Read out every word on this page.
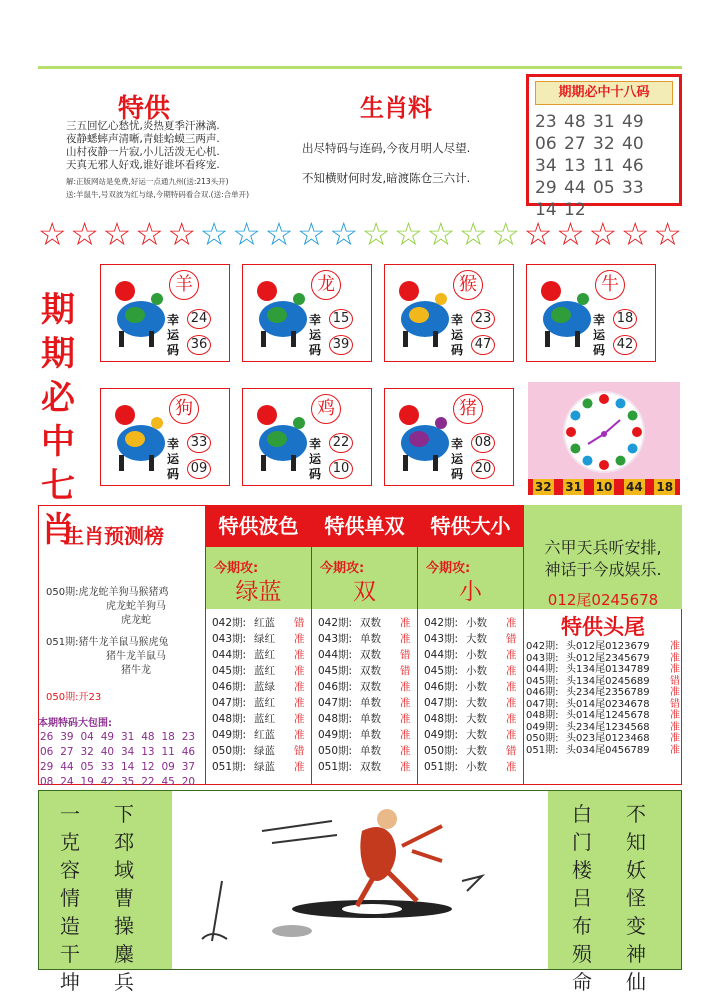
特供
三五回忆心愁忧,炎热夏季汗淋漓.
夜静蟋蟀声清晰,青蛙蛤蟆三两声.
山村夜静一片寂,小儿活泼无心机.
天真无邪人好戏,谁好谁坏看疼宠.
解:正版网站是免费,好运一点通九州(送:213头开)
送:羊鼠牛,号双波为红与绿,今期特码看合双.(送:合单开)
生肖料
出尽特码与连码,今夜月明人尽望.
不知横财何时发,暗渡陈仓三六计.
期期必中十八码
23 48 31 49
06 27 32 40
34 13 11 46
29 44 05 33
14 12
☆ ☆ ☆ ☆ ☆ ☆ ☆ ☆ ☆ ☆ ☆ ☆ ☆ ☆ ☆ ☆ ☆ ☆ ☆ ☆
期
期
必
中
七
肖
羊
幸
运
码
24
36
龙
幸
运
码
15
39
猴
幸
运
码
23
47
牛
幸
运
码
18
42
狗
幸
运
码
33
09
鸡
幸
运
码
22
10
猪
幸
运
码
08
20
32 31 10 44 18
生肖预测榜
050期:虎龙蛇羊狗马猴猪鸡
虎龙蛇羊狗马
虎龙蛇
051期:猪牛龙羊鼠马猴虎兔
猪牛龙羊鼠马
猪牛龙
050期:开23
本期特码大包围:
26 39 04 49 31 48 18 23
06 27 32 40 34 13 11 46
29 44 05 33 14 12 09 37
08 24 19 42 35 22 45 20
特供波色
今期攻:
绿蓝
042期: 红蓝	错
043期: 绿红	准
044期: 蓝红	准
045期: 蓝红	准
046期: 蓝绿	准
047期: 蓝红	准
048期: 蓝红	准
049期: 红蓝	准
050期: 绿蓝	错
051期: 绿蓝	准
特供单双
今期攻:
双
042期: 双数	准
043期: 单数	准
044期: 双数	错
045期: 双数	错
046期: 双数	准
047期: 单数	准
048期: 单数	准
049期: 单数	准
050期: 单数	准
051期: 双数	准
特供大小
今期攻:
小
042期: 小数	准
043期: 大数	错
044期: 小数	准
045期: 小数	准
046期: 小数	准
047期: 大数	准
048期: 大数	准
049期: 大数	准
050期: 大数	错
051期: 小数	准
六甲天兵听安排,
神话于今成娱乐.
012尾0245678
特供头尾
042期: 头012尾0123679	准
043期: 头012尾2345679	准
044期: 头134尾0134789	准
045期: 头134尾0245689	错
046期: 头234尾2356789	准
047期: 头014尾0234678	错
048期: 头014尾1245678	准
049期: 头234尾1234568	准
050期: 头023尾0123468	准
051期: 头034尾0456789	准
一
克
容
情
造
干
坤
下
邳
域
曹
操
麋
兵
白
门
楼
吕
布
殒
命
不
知
妖
怪
变
神
仙
